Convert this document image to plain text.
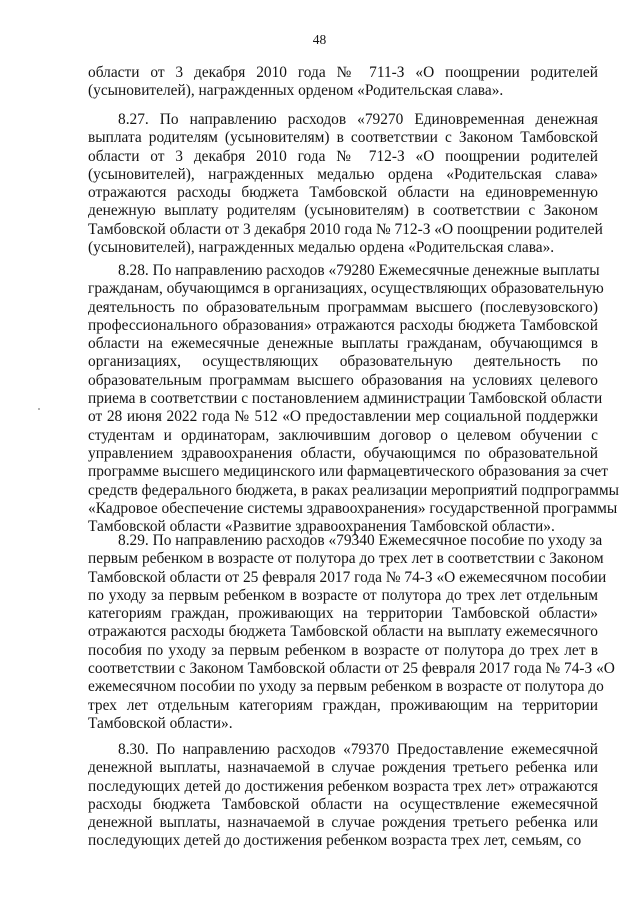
48
области от 3 декабря 2010 года № 711-З «О поощрении родителей
(усыновителей), награжденных орденом «Родительская слава».
8.27. По направлению расходов «79270 Единовременная денежная
выплата родителям (усыновителям) в соответствии с Законом Тамбовской
области от 3 декабря 2010 года № 712-З «О поощрении родителей
(усыновителей), награжденных медалью ордена «Родительская слава»
отражаются расходы бюджета Тамбовской области на единовременную
денежную выплату родителям (усыновителям) в соответствии с Законом
Тамбовской области от 3 декабря 2010 года № 712-З «О поощрении родителей
(усыновителей), награжденных медалью ордена «Родительская слава».
8.28. По направлению расходов «79280 Ежемесячные денежные выплаты
гражданам, обучающимся в организациях, осуществляющих образовательную
деятельность по образовательным программам высшего (послевузовского)
профессионального образования» отражаются расходы бюджета Тамбовской
области на ежемесячные денежные выплаты гражданам, обучающимся в
организациях, осуществляющих образовательную деятельность по
образовательным программам высшего образования на условиях целевого
приема в соответствии с постановлением администрации Тамбовской области
от 28 июня 2022 года № 512 «О предоставлении мер социальной поддержки
студентам и ординаторам, заключившим договор о целевом обучении с
управлением здравоохранения области, обучающимся по образовательной
программе высшего медицинского или фармацевтического образования за счет
средств федерального бюджета, в раках реализации мероприятий подпрограммы
«Кадровое обеспечение системы здравоохранения» государственной программы
Тамбовской области «Развитие здравоохранения Тамбовской области».
8.29. По направлению расходов «79340 Ежемесячное пособие по уходу за
первым ребенком в возрасте от полутора до трех лет в соответствии с Законом
Тамбовской области от 25 февраля 2017 года № 74-З «О ежемесячном пособии
по уходу за первым ребенком в возрасте от полутора до трех лет отдельным
категориям граждан, проживающих на территории Тамбовской области»
отражаются расходы бюджета Тамбовской области на выплату ежемесячного
пособия по уходу за первым ребенком в возрасте от полутора до трех лет в
соответствии с Законом Тамбовской области от 25 февраля 2017 года № 74-З «О
ежемесячном пособии по уходу за первым ребенком в возрасте от полутора до
трех лет отдельным категориям граждан, проживающим на территории
Тамбовской области».
8.30. По направлению расходов «79370 Предоставление ежемесячной
денежной выплаты, назначаемой в случае рождения третьего ребенка или
последующих детей до достижения ребенком возраста трех лет» отражаются
расходы бюджета Тамбовской области на осуществление ежемесячной
денежной выплаты, назначаемой в случае рождения третьего ребенка или
последующих детей до достижения ребенком возраста трех лет, семьям, со
